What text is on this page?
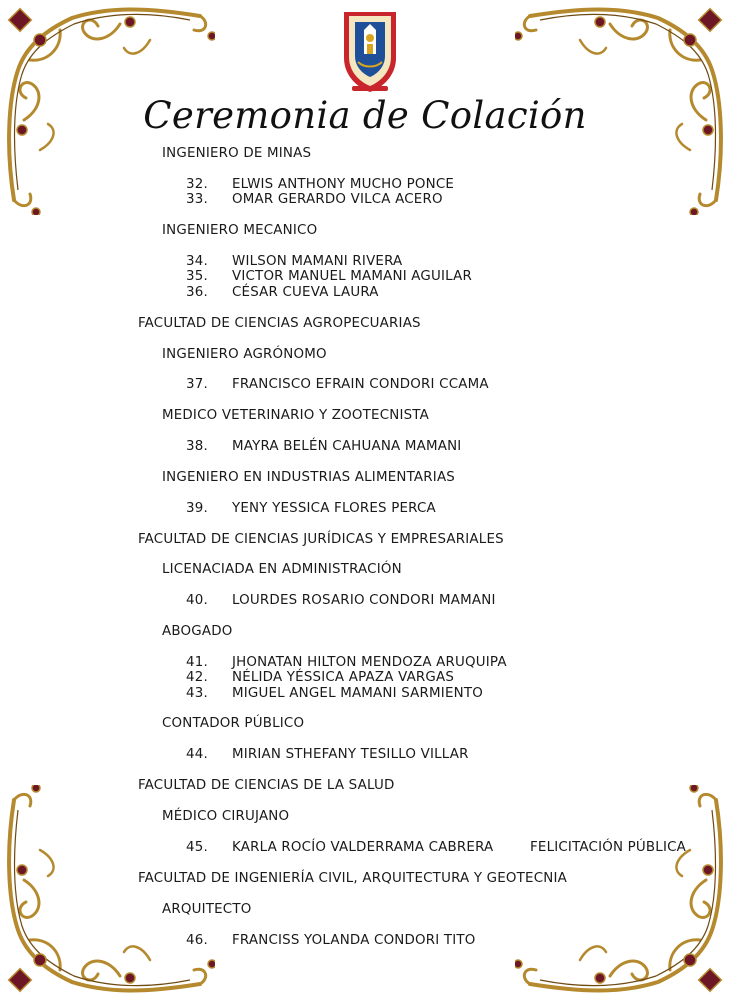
Ceremonia de Colación
INGENIERO DE MINAS
32.	ELWIS ANTHONY MUCHO PONCE
33.	OMAR GERARDO VILCA ACERO
INGENIERO MECANICO
34.	WILSON MAMANI RIVERA
35.	VICTOR MANUEL MAMANI AGUILAR
36.	CÉSAR CUEVA LAURA
FACULTAD DE CIENCIAS AGROPECUARIAS
INGENIERO AGRÓNOMO
37.	FRANCISCO EFRAIN CONDORI CCAMA
MEDICO VETERINARIO Y ZOOTECNISTA
38.	MAYRA BELÉN CAHUANA MAMANI
INGENIERO EN INDUSTRIAS ALIMENTARIAS
39.	YENY YESSICA FLORES PERCA
FACULTAD DE CIENCIAS JURÍDICAS Y EMPRESARIALES
LICENACIADA EN ADMINISTRACIÓN
40.	LOURDES ROSARIO CONDORI MAMANI
ABOGADO
41.	JHONATAN HILTON MENDOZA ARUQUIPA
42.	NÉLIDA YÉSSICA APAZA VARGAS
43.	MIGUEL ANGEL MAMANI SARMIENTO
CONTADOR PÚBLICO
44.	MIRIAN STHEFANY TESILLO VILLAR
FACULTAD DE CIENCIAS DE LA SALUD
MÉDICO CIRUJANO
45.	KARLA ROCÍO VALDERRAMA CABRERA	FELICITACIÓN PÚBLICA
FACULTAD DE INGENIERÍA CIVIL, ARQUITECTURA Y GEOTECNIA
ARQUITECTO
46.	FRANCISS YOLANDA CONDORI TITO
